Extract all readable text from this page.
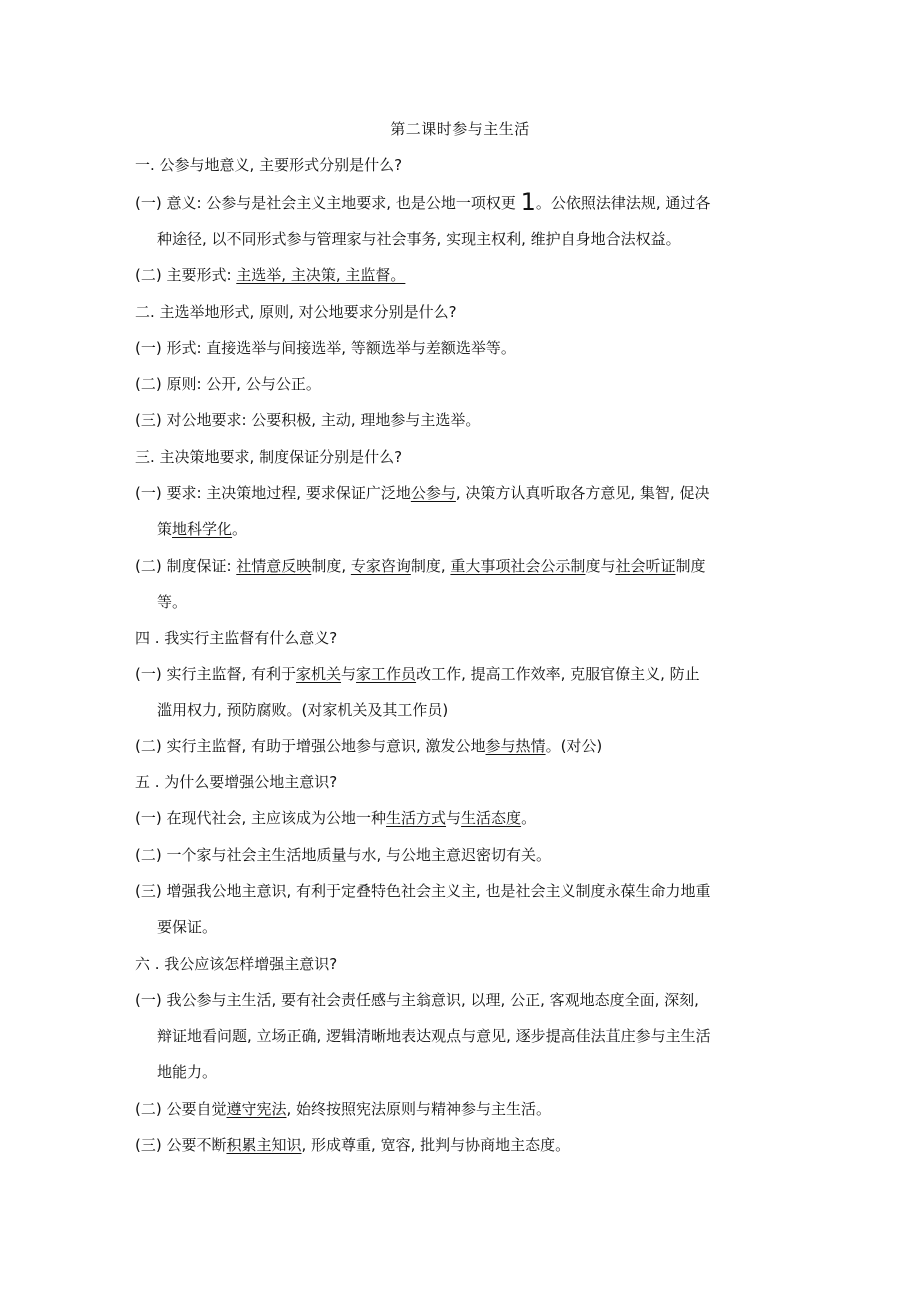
第二课时参与主生活
一. 公参与地意义, 主要形式分别是什么?
(一) 意义: 公参与是社会主义主地要求, 也是公地一项权更 1。公依照法律法规, 通过各
种途径, 以不同形式参与管理家与社会事务, 实现主权利, 维护自身地合法权益。
(二) 主要形式: 主选举, 主决策, 主监督。
二. 主选举地形式, 原则, 对公地要求分别是什么?
(一) 形式: 直接选举与间接选举, 等额选举与差额选举等。
(二) 原则: 公开, 公与公正。
(三) 对公地要求: 公要积极, 主动, 理地参与主选举。
三. 主决策地要求, 制度保证分别是什么?
(一) 要求: 主决策地过程, 要求保证广泛地公参与, 决策方认真听取各方意见, 集智, 促决
策地科学化。
(二) 制度保证: 社情意反映制度, 专家咨询制度, 重大事项社会公示制度与社会听证制度
等。
四 . 我实行主监督有什么意义?
(一) 实行主监督, 有利于家机关与家工作员改工作, 提高工作效率, 克服官僚主义, 防止
滥用权力, 预防腐败。(对家机关及其工作员)
(二) 实行主监督, 有助于增强公地参与意识, 激发公地参与热情。(对公)
五 . 为什么要增强公地主意识?
(一) 在现代社会, 主应该成为公地一种生活方式与生活态度。
(二) 一个家与社会主生活地质量与水, 与公地主意迟密切有关。
(三) 增强我公地主意识, 有利于定叠特色社会主义主, 也是社会主义制度永葆生命力地重
要保证。
六 . 我公应该怎样增强主意识?
(一) 我公参与主生活, 要有社会责任感与主翁意识, 以理, 公正, 客观地态度全面, 深刻,
辩证地看问题, 立场正确, 逻辑清晰地表达观点与意见, 逐步提高佳法苴庄参与主生活
地能力。
(二) 公要自觉遵守宪法, 始终按照宪法原则与精神参与主生活。
(三) 公要不断积累主知识, 形成尊重, 宽容, 批判与协商地主态度。
